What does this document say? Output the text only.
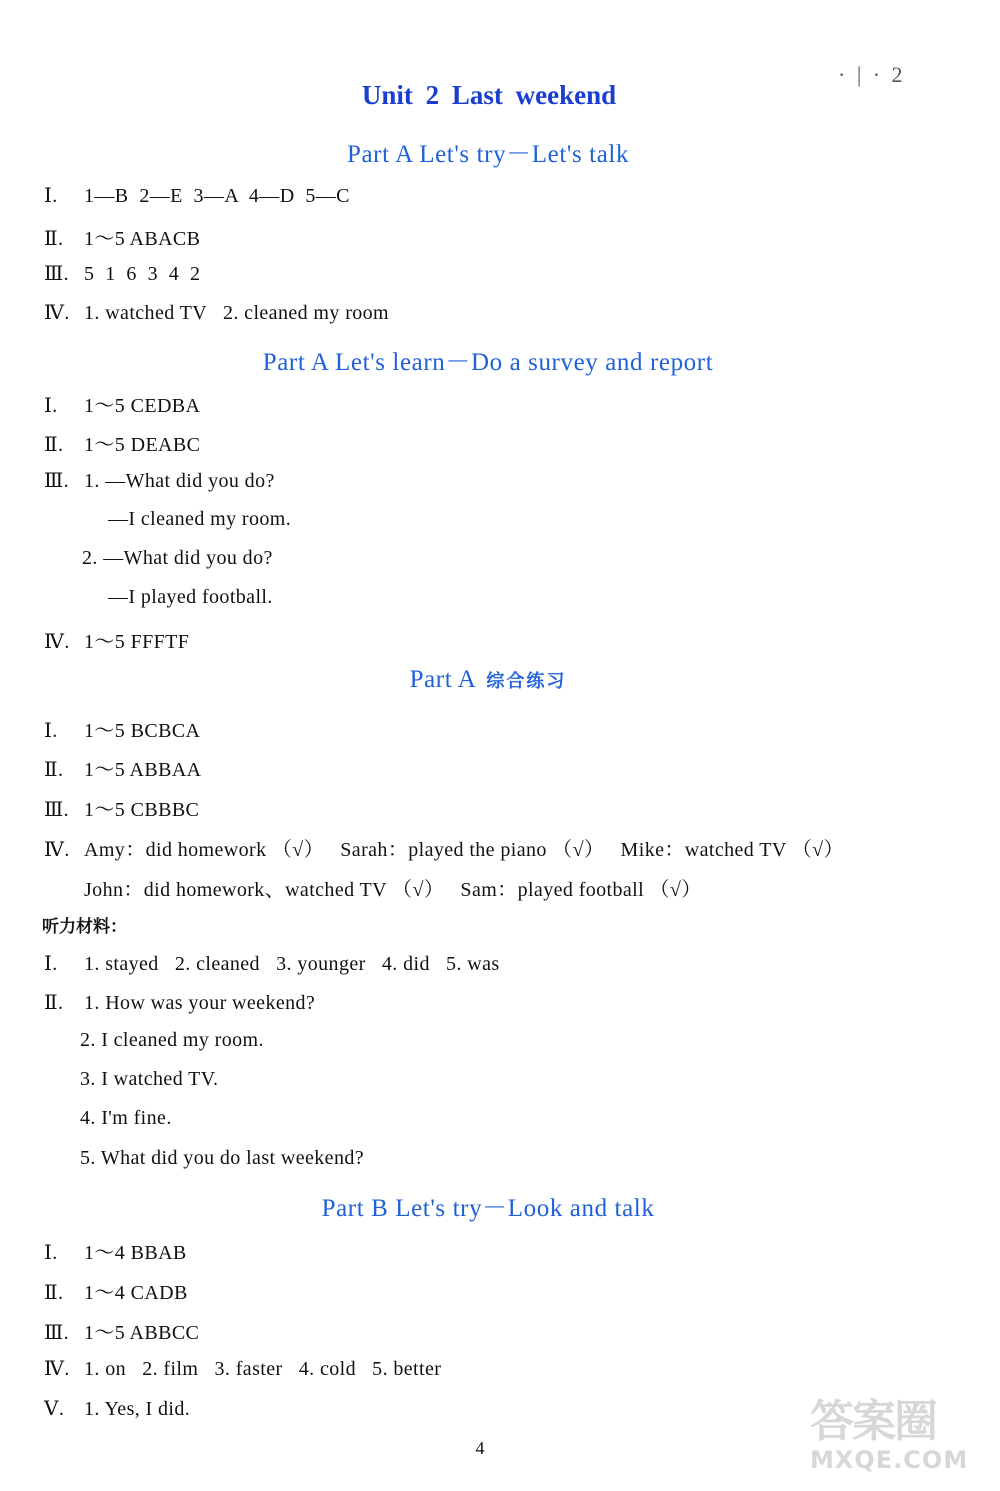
· | · 2
Unit 2 Last weekend
Part A Let's try－Let's talk
Ⅰ. 1—B  2—E  3—A  4—D  5—C
Ⅱ. 1～5 ABACB
Ⅲ. 5  1  6  3  4  2
Ⅳ. 1. watched TV   2. cleaned my room
Part A Let's learn－Do a survey and report
Ⅰ. 1～5 CEDBA
Ⅱ. 1～5 DEABC
Ⅲ. 1. —What did you do?
—I cleaned my room.
2. —What did you do?
—I played football.
Ⅳ. 1～5 FFFTF
Part A 综合练习
Ⅰ. 1～5 BCBCA
Ⅱ. 1～5 ABBAA
Ⅲ. 1～5 CBBBC
Ⅳ. Amy：did homework （√）   Sarah：played the piano （√）   Mike：watched TV （√）
John：did homework、watched TV （√）   Sam：played football （√）
听力材料：
Ⅰ. 1. stayed   2. cleaned   3. younger   4. did   5. was
Ⅱ. 1. How was your weekend?
2. I cleaned my room.
3. I watched TV.
4. I'm fine.
5. What did you do last weekend?
Part B Let's try－Look and talk
Ⅰ. 1～4 BBAB
Ⅱ. 1～4 CADB
Ⅲ. 1～5 ABBCC
Ⅳ. 1. on   2. film   3. faster   4. cold   5. better
Ⅴ. 1. Yes, I did.
4
答案圈
MXQE.COM
